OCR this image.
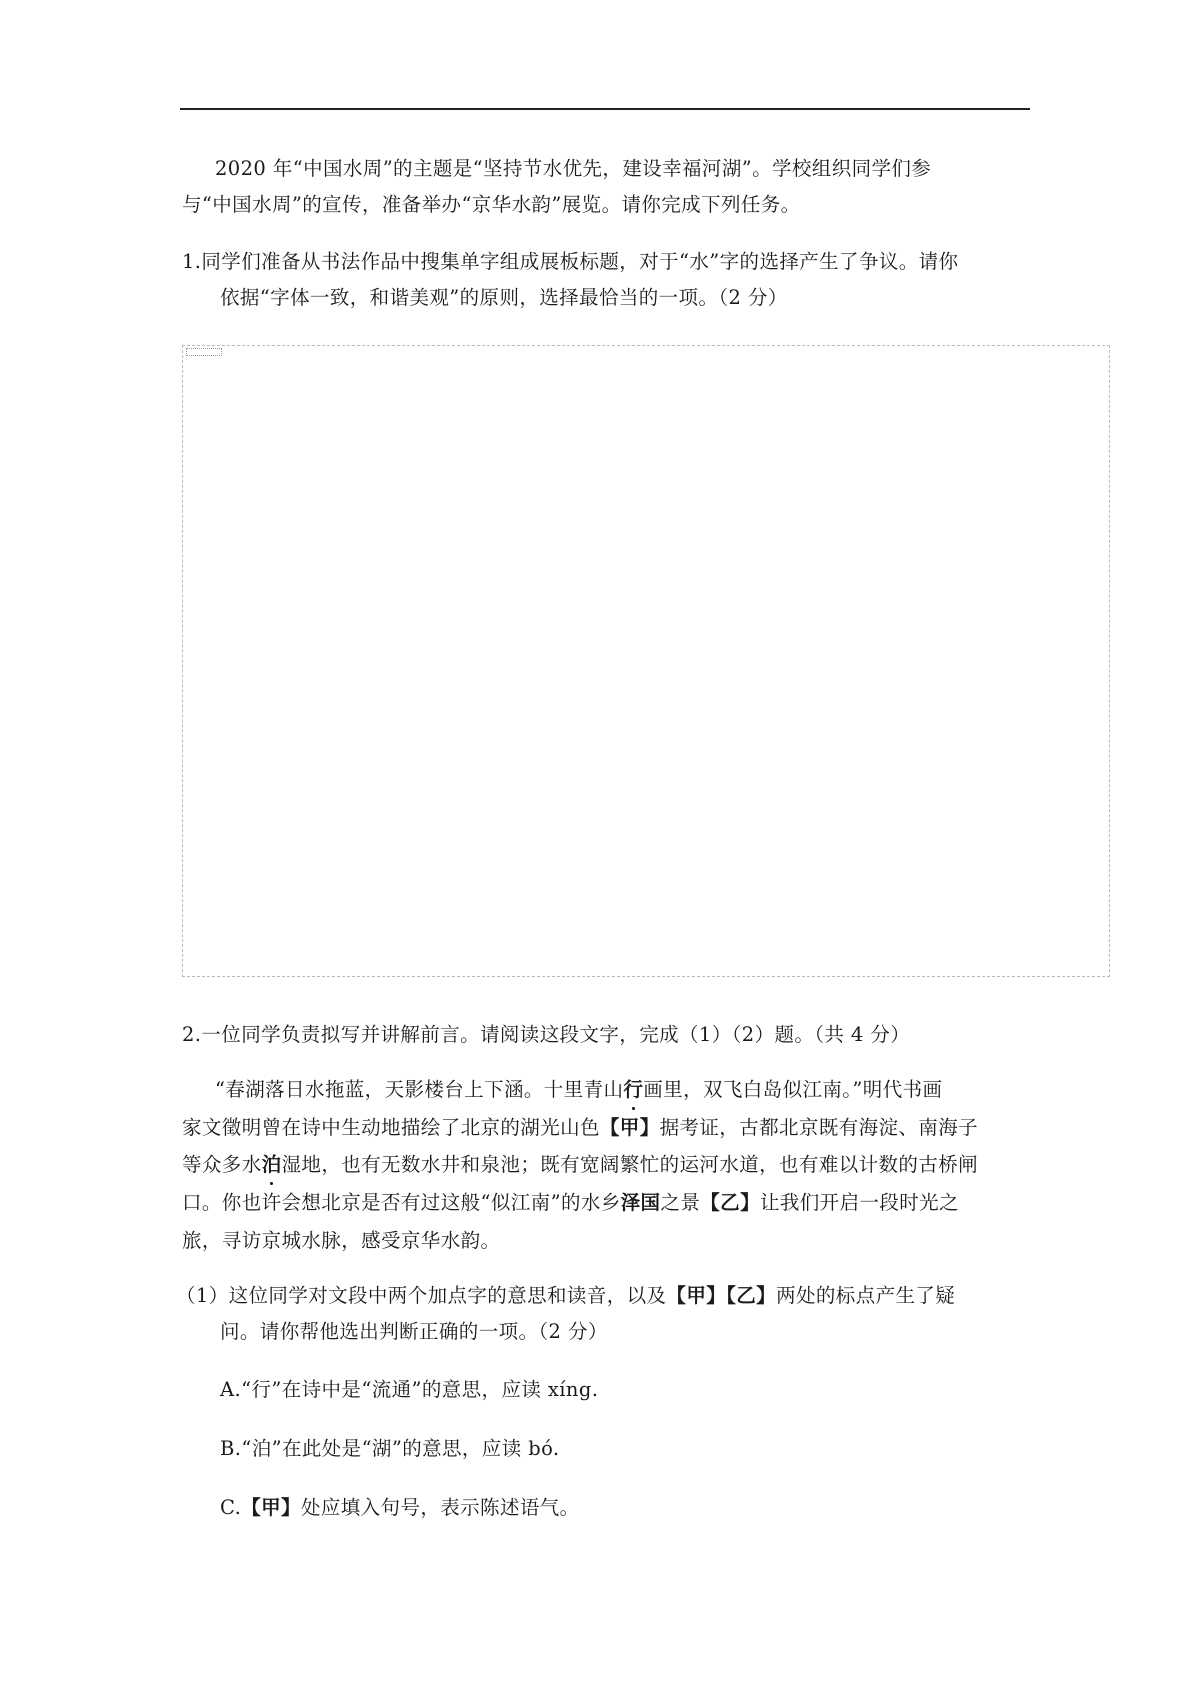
2020 年“中国水周”的主题是“坚持节水优先，建设幸福河湖”。学校组织同学们参
与“中国水周”的宣传，准备举办“京华水韵”展览。请你完成下列任务。
1.同学们准备从书法作品中搜集单字组成展板标题，对于“水”字的选择产生了争议。请你
依据“字体一致，和谐美观”的原则，选择最恰当的一项。（2 分）
2.一位同学负责拟写并讲解前言。请阅读这段文字，完成（1）（2）题。（共 4 分）
“春湖落日水拖蓝，天影楼台上下涵。十里青山行画里，双飞白岛似江南。”明代书画
家文徵明曾在诗中生动地描绘了北京的湖光山色【甲】据考证，古都北京既有海淀、南海子
等众多水泊湿地，也有无数水井和泉池；既有宽阔繁忙的运河水道，也有难以计数的古桥闸
口。你也许会想北京是否有过这般“似江南”的水乡泽国之景【乙】让我们开启一段时光之
旅，寻访京城水脉，感受京华水韵。
（1）这位同学对文段中两个加点字的意思和读音，以及【甲】【乙】两处的标点产生了疑
问。请你帮他选出判断正确的一项。（2 分）
A.“行”在诗中是“流通”的意思，应读 xíng.
B.“泊”在此处是“湖”的意思，应读 bó.
C.【甲】处应填入句号，表示陈述语气。
